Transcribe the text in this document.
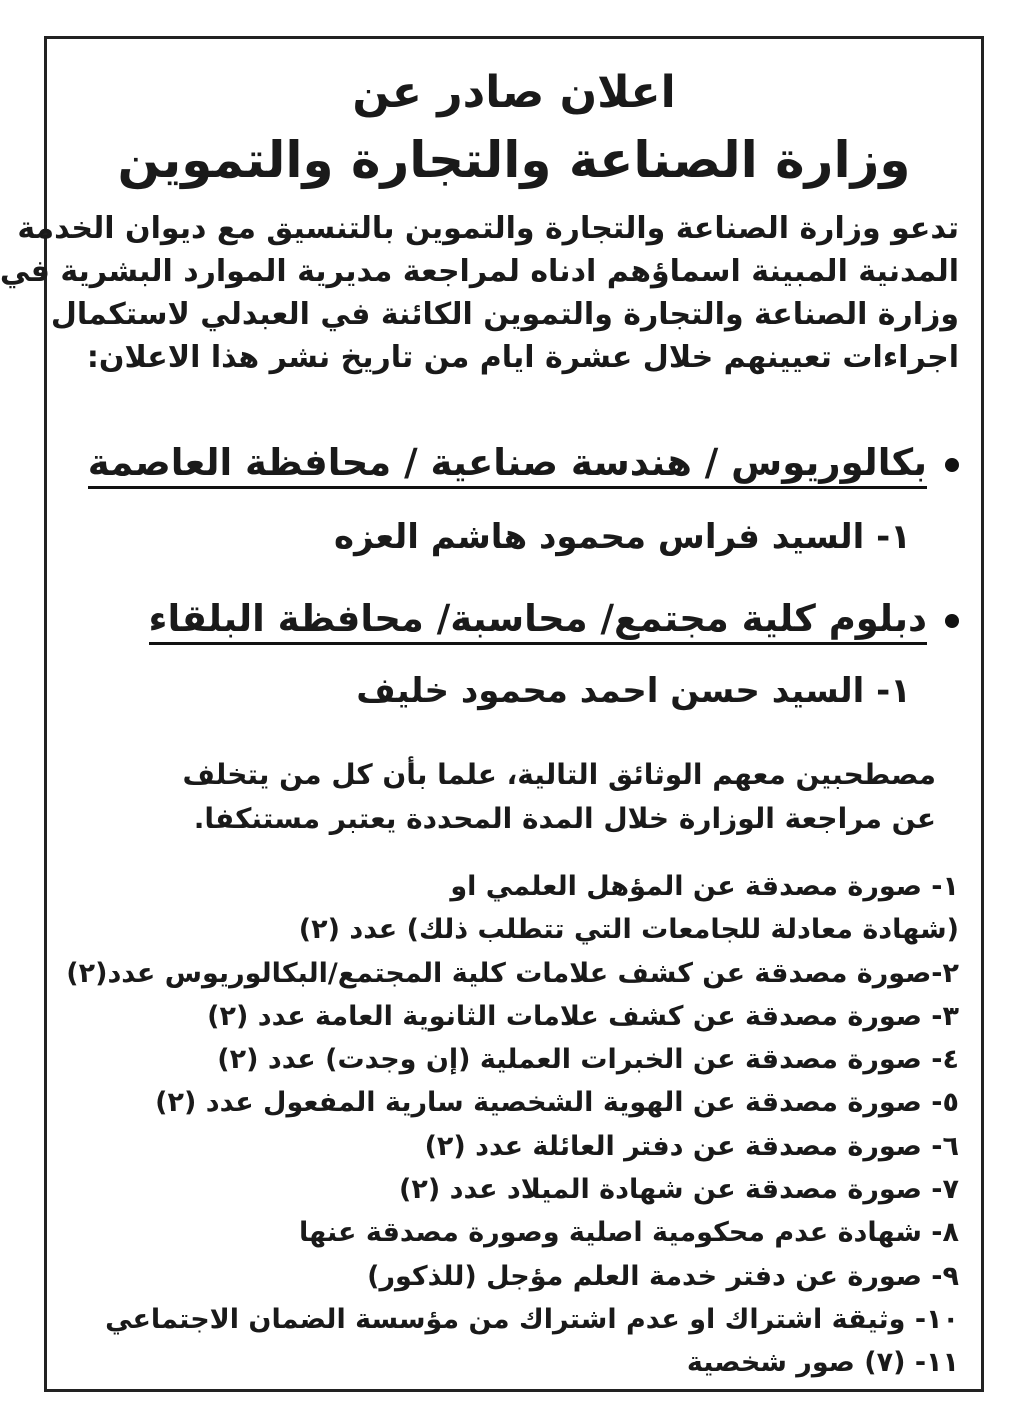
اعلان صادر عن
وزارة الصناعة والتجارة والتموين
تدعو وزارة الصناعة والتجارة والتموين بالتنسيق مع ديوان الخدمة
المدنية المبينة اسماؤهم ادناه لمراجعة مديرية الموارد البشرية في
وزارة الصناعة والتجارة والتموين الكائنة في العبدلي لاستكمال
اجراءات تعيينهم خلال عشرة ايام من تاريخ نشر هذا الاعلان:
بكالوريوس / هندسة صناعية / محافظة العاصمة
١- السيد فراس محمود هاشم العزه
دبلوم كلية مجتمع/ محاسبة/ محافظة البلقاء
١- السيد حسن احمد محمود خليف
مصطحبين معهم الوثائق التالية، علما بأن كل من يتخلف
عن مراجعة الوزارة خلال المدة المحددة يعتبر مستنكفا.
١- صورة مصدقة عن المؤهل العلمي او
(شهادة معادلة للجامعات التي تتطلب ذلك) عدد (٢)
٢-صورة مصدقة عن كشف علامات كلية المجتمع/البكالوريوس عدد(٢)
٣- صورة مصدقة عن كشف علامات الثانوية العامة عدد (٢)
٤- صورة مصدقة عن الخبرات العملية (إن وجدت) عدد (٢)
٥- صورة مصدقة عن الهوية الشخصية سارية المفعول عدد (٢)
٦- صورة مصدقة عن دفتر العائلة عدد (٢)
٧- صورة مصدقة عن شهادة الميلاد عدد (٢)
٨- شهادة عدم محكومية اصلية وصورة مصدقة عنها
٩- صورة عن دفتر خدمة العلم مؤجل (للذكور)
١٠- وثيقة اشتراك او عدم اشتراك من مؤسسة الضمان الاجتماعي
١١- (٧) صور شخصية
